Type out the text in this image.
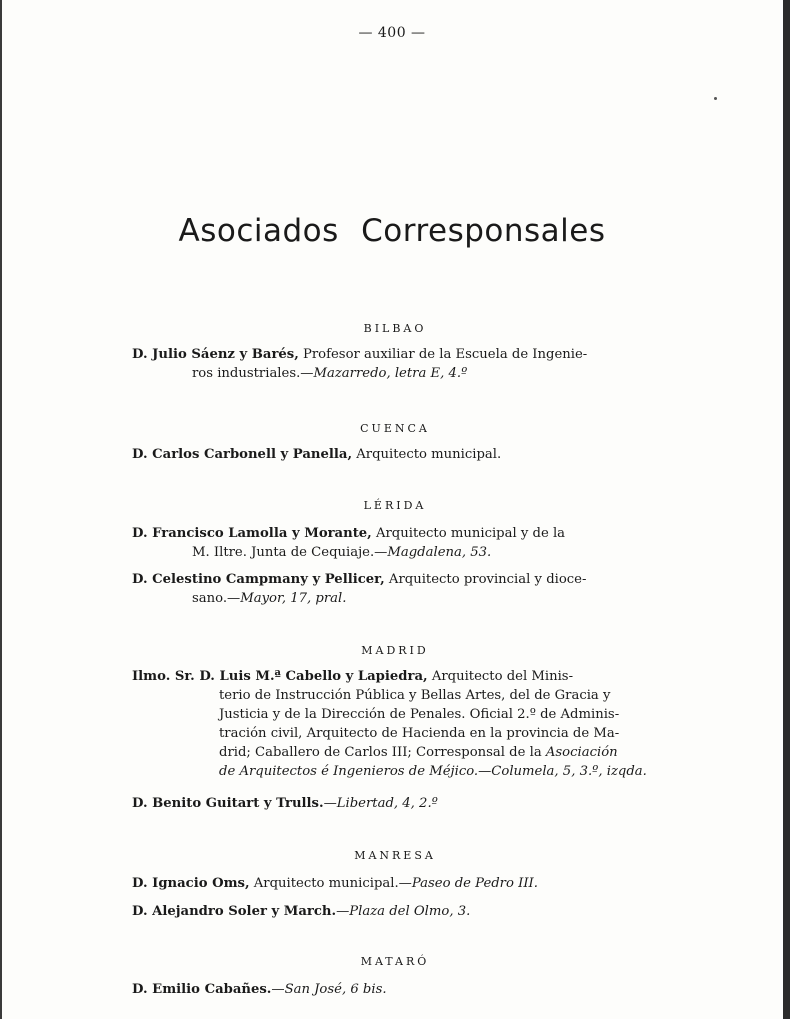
— 400 —
Asociados Corresponsales
BILBAO
D. Julio Sáenz y Barés, Profesor auxiliar de la Escuela de Ingenie-
ros industriales.—Mazarredo, letra E, 4.º
CUENCA
D. Carlos Carbonell y Panella, Arquitecto municipal.
LÉRIDA
D. Francisco Lamolla y Morante, Arquitecto municipal y de la
M. Iltre. Junta de Cequiaje.—Magdalena, 53.
D. Celestino Campmany y Pellicer, Arquitecto provincial y dioce-
sano.—Mayor, 17, pral.
MADRID
Ilmo. Sr. D. Luis M.ª Cabello y Lapiedra, Arquitecto del Minis-
terio de Instrucción Pública y Bellas Artes, del de Gracia y
Justicia y de la Dirección de Penales. Oficial 2.º de Adminis-
tración civil, Arquitecto de Hacienda en la provincia de Ma-
drid; Caballero de Carlos III; Corresponsal de la Asociación
de Arquitectos é Ingenieros de Méjico.—Columela, 5, 3.º, izqda.
D. Benito Guitart y Trulls.—Libertad, 4, 2.º
MANRESA
D. Ignacio Oms, Arquitecto municipal.—Paseo de Pedro III.
D. Alejandro Soler y March.—Plaza del Olmo, 3.
MATARÓ
D. Emilio Cabañes.—San José, 6 bis.
